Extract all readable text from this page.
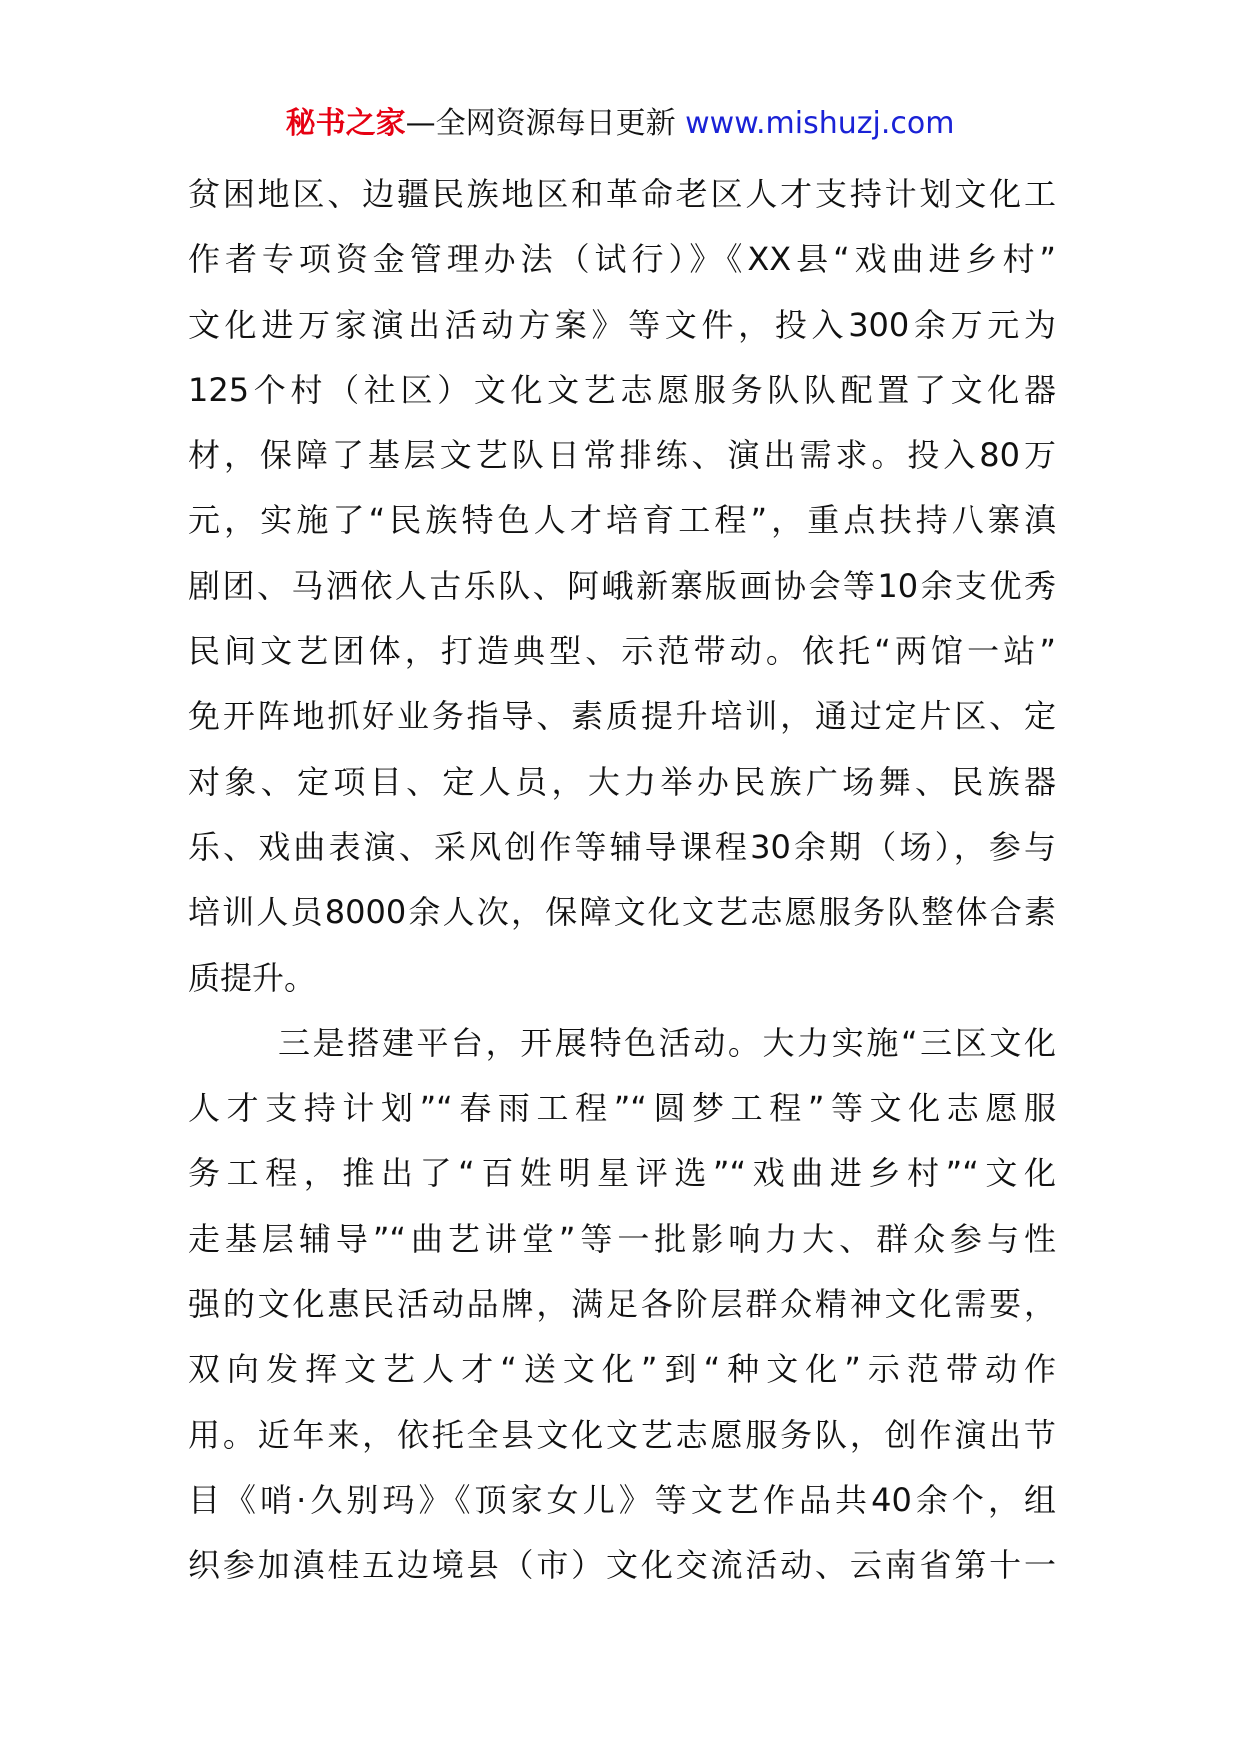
秘书之家—全网资源每日更新 www.mishuzj.com
贫困地区、边疆民族地区和革命老区人才支持计划文化工
作者专项资金管理办法（试行）》《XX县“戏曲进乡村”
文化进万家演出活动方案》等文件，投入300余万元为
125个村（社区）文化文艺志愿服务队队配置了文化器
材，保障了基层文艺队日常排练、演出需求。投入80万
元，实施了“民族特色人才培育工程”，重点扶持八寨滇
剧团、马洒依人古乐队、阿峨新寨版画协会等10余支优秀
民间文艺团体，打造典型、示范带动。依托“两馆一站”
免开阵地抓好业务指导、素质提升培训，通过定片区、定
对象、定项目、定人员，大力举办民族广场舞、民族器
乐、戏曲表演、采风创作等辅导课程30余期（场），参与
培训人员8000余人次，保障文化文艺志愿服务队整体合素
质提升。
三是搭建平台，开展特色活动。大力实施“三区文化
人才支持计划”“春雨工程”“圆梦工程”等文化志愿服
务工程，推出了“百姓明星评选”“戏曲进乡村”“文化
走基层辅导”“曲艺讲堂”等一批影响力大、群众参与性
强的文化惠民活动品牌，满足各阶层群众精神文化需要，
双向发挥文艺人才“送文化”到“种文化”示范带动作
用。近年来，依托全县文化文艺志愿服务队，创作演出节
目《哨·久别玛》《顶家女儿》等文艺作品共40余个，组
织参加滇桂五边境县（市）文化交流活动、云南省第十一
